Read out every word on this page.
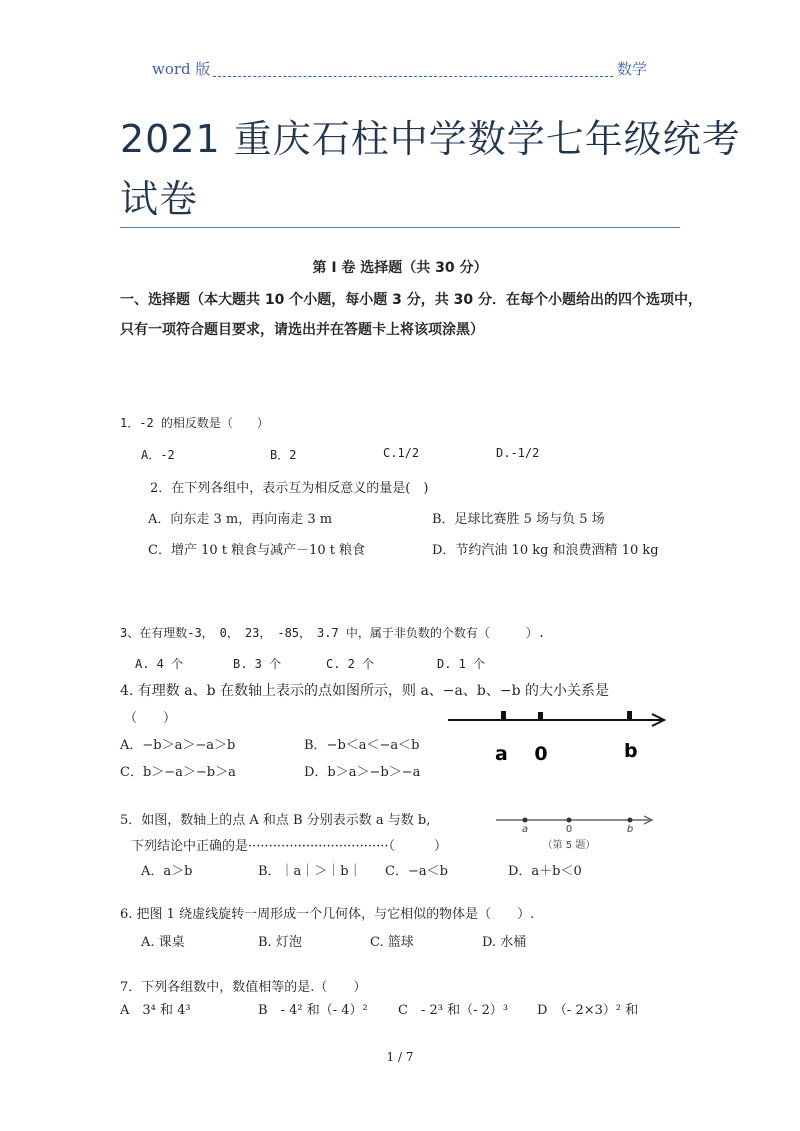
word 版	数学
2021 重庆石柱中学数学七年级统考
试卷
第 I 卷 选择题（共 30 分）
一、选择题（本大题共 10 个小题，每小题 3 分，共 30 分．在每个小题给出的四个选项中，
只有一项符合题目要求，请选出并在答题卡上将该项涂黑）
1．-2 的相反数是（　　）
A．-2	B．2	C.1/2	D.-1/2
2．在下列各组中，表示互为相反意义的量是(　)
A．向东走 3 m，再向南走 3 m	B．足球比赛胜 5 场与负 5 场
C．增产 10 t 粮食与减产－10 t 粮食	D．节约汽油 10 kg 和浪费酒精 10 kg
3、在有理数-3，　0，　23，　-85，　3.7 中，属于非负数的个数有（　　　）.
A. 4 个	B. 3 个	C. 2 个	D. 1 个
4. 有理数 a、b 在数轴上表示的点如图所示，则 a、−a、b、−b 的大小关系是
（　　）
A．−b＞a＞−a＞b	B．−b＜a＜−a＜b
C．b＞−a＞−b＞a	D．b＞a＞−b＞−a
a 0	b
5．如图，数轴上的点 A 和点 B 分别表示数 a 与数 b,
下列结论中正确的是··································（　　　）
A．a＞b	B．｜a｜＞｜b｜ C．−a＜b	D．a＋b＜0
a	0	b
（第 5 题）
6. 把图 1 绕虚线旋转一周形成一个几何体，与它相似的物体是（　　）.
A. 课桌	B. 灯泡	C. 篮球	D. 水桶
7．下列各组数中，数值相等的是.（　　）
A　3⁴ 和 4³	B　- 4² 和（- 4）² C　- 2³ 和（- 2）³ D　（- 2×3）² 和
1 / 7
